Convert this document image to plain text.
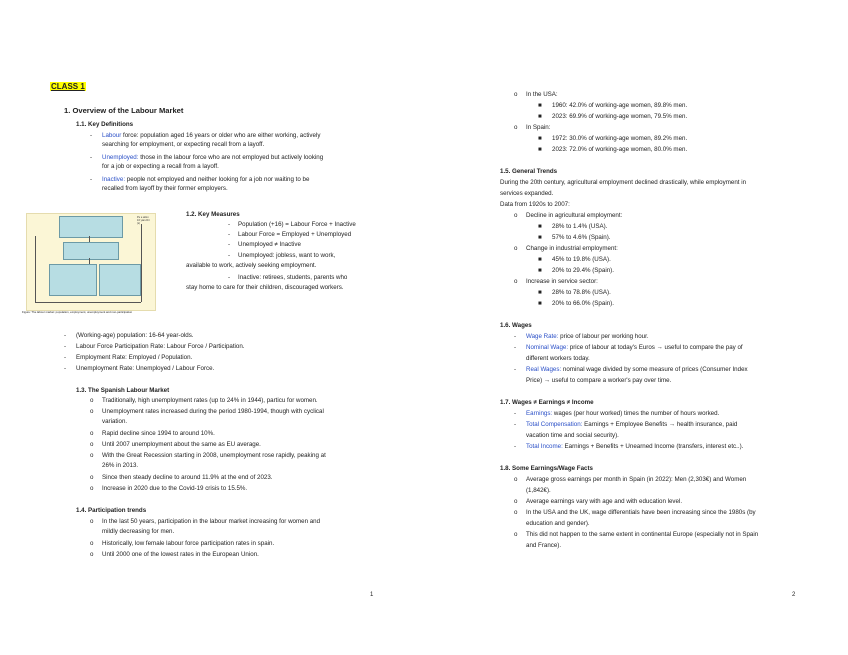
CLASS 1
1. Overview of the Labour Market
1.1. Key Definitions
- Labour force: population aged 16 years or older who are either working, actively
searching for employment, or expecting recall from a layoff.
- Unemployed: those in the labour force who are not employed but actively looking
for a job or expecting a recall from a layoff.
- Inactive: people not employed and neither looking for a job nor waiting to be
recalled from layoff by their former employers.
Pu e atlon
16 ytai cthr
(s)
Figure: The labour market: population, employment, unemployment and non-participation
1.2. Key Measures
- Population (+16) = Labour Force + Inactive
- Labour Force = Employed + Unemployed
- Unemployed ≠ Inactive
- Unemployed: jobless, want to work,
available to work, actively seeking employment.
- Inactive: retirees, students, parents who
stay home to care for their children, discouraged workers.
- (Working-age) population: 16-64 year-olds.
- Labour Force Participation Rate: Labour Force / Participation.
- Employment Rate: Employed / Population.
- Unemployment Rate: Unemployed / Labour Force.
1.3. The Spanish Labour Market
o Traditionally, high unemployment rates (up to 24% in 1944), particu for women.
o Unemployment rates increased during the period 1980-1994, though with cyclical
variation.
o Rapid decline since 1994 to around 10%.
o Until 2007 unemployment about the same as EU average.
o With the Great Recession starting in 2008, unemployment rose rapidly, peaking at
26% in 2013.
o Since then steady decline to around 11.9% at the end of 2023.
o Increase in 2020 due to the Covid-19 crisis to 15.5%.
1.4. Participation trends
o In the last 50 years, participation in the labour market increasing for women and
mildly decreasing for men.
o Historically, low female labour force participation rates in spain.
o Until 2000 one of the lowest rates in the European Union.
1
o In the USA:
■ 1960: 42.0% of working-age women, 89.8% men.
■ 2023: 69.9% of working-age women, 79.5% men.
o In Spain:
■ 1972: 30.0% of working-age women, 89.2% men.
■ 2023: 72.0% of working-age women, 80.0% men.
1.5. General Trends
During the 20th century, agricultural employment declined drastically, while employment in
services expanded.
Data from 1920s to 2007:
o Decline in agricultural employment:
■ 28% to 1.4% (USA).
■ 57% to 4.6% (Spain).
o Change in industrial employment:
■ 45% to 19.8% (USA).
■ 20% to 29.4% (Spain).
o Increase in service sector:
■ 28% to 78.8% (USA).
■ 20% to 66.0% (Spain).
1.6. Wages
- Wage Rate: price of labour per working hour.
- Nominal Wage: price of labour at today's Euros → useful to compare the pay of
different workers today.
- Real Wages: nominal wage divided by some measure of prices (Consumer Index
Price) → useful to compare a worker's pay over time.
1.7. Wages ≠ Earnings ≠ Income
- Earnings: wages (per hour worked) times the number of hours worked.
- Total Compensation: Earnings + Employee Benefits → health insurance, paid
vacation time and social security).
- Total Income: Earnings + Benefits + Unearned Income (transfers, interest etc..).
1.8. Some Earnings/Wage Facts
o Average gross earnings per month in Spain (in 2022): Men (2,303€) and Women
(1,842€).
o Average earnings vary with age and with education level.
o In the USA and the UK, wage differentials have been increasing since the 1980s (by
education and gender).
o This did not happen to the same extent in continental Europe (especially not in Spain
and France).
2
